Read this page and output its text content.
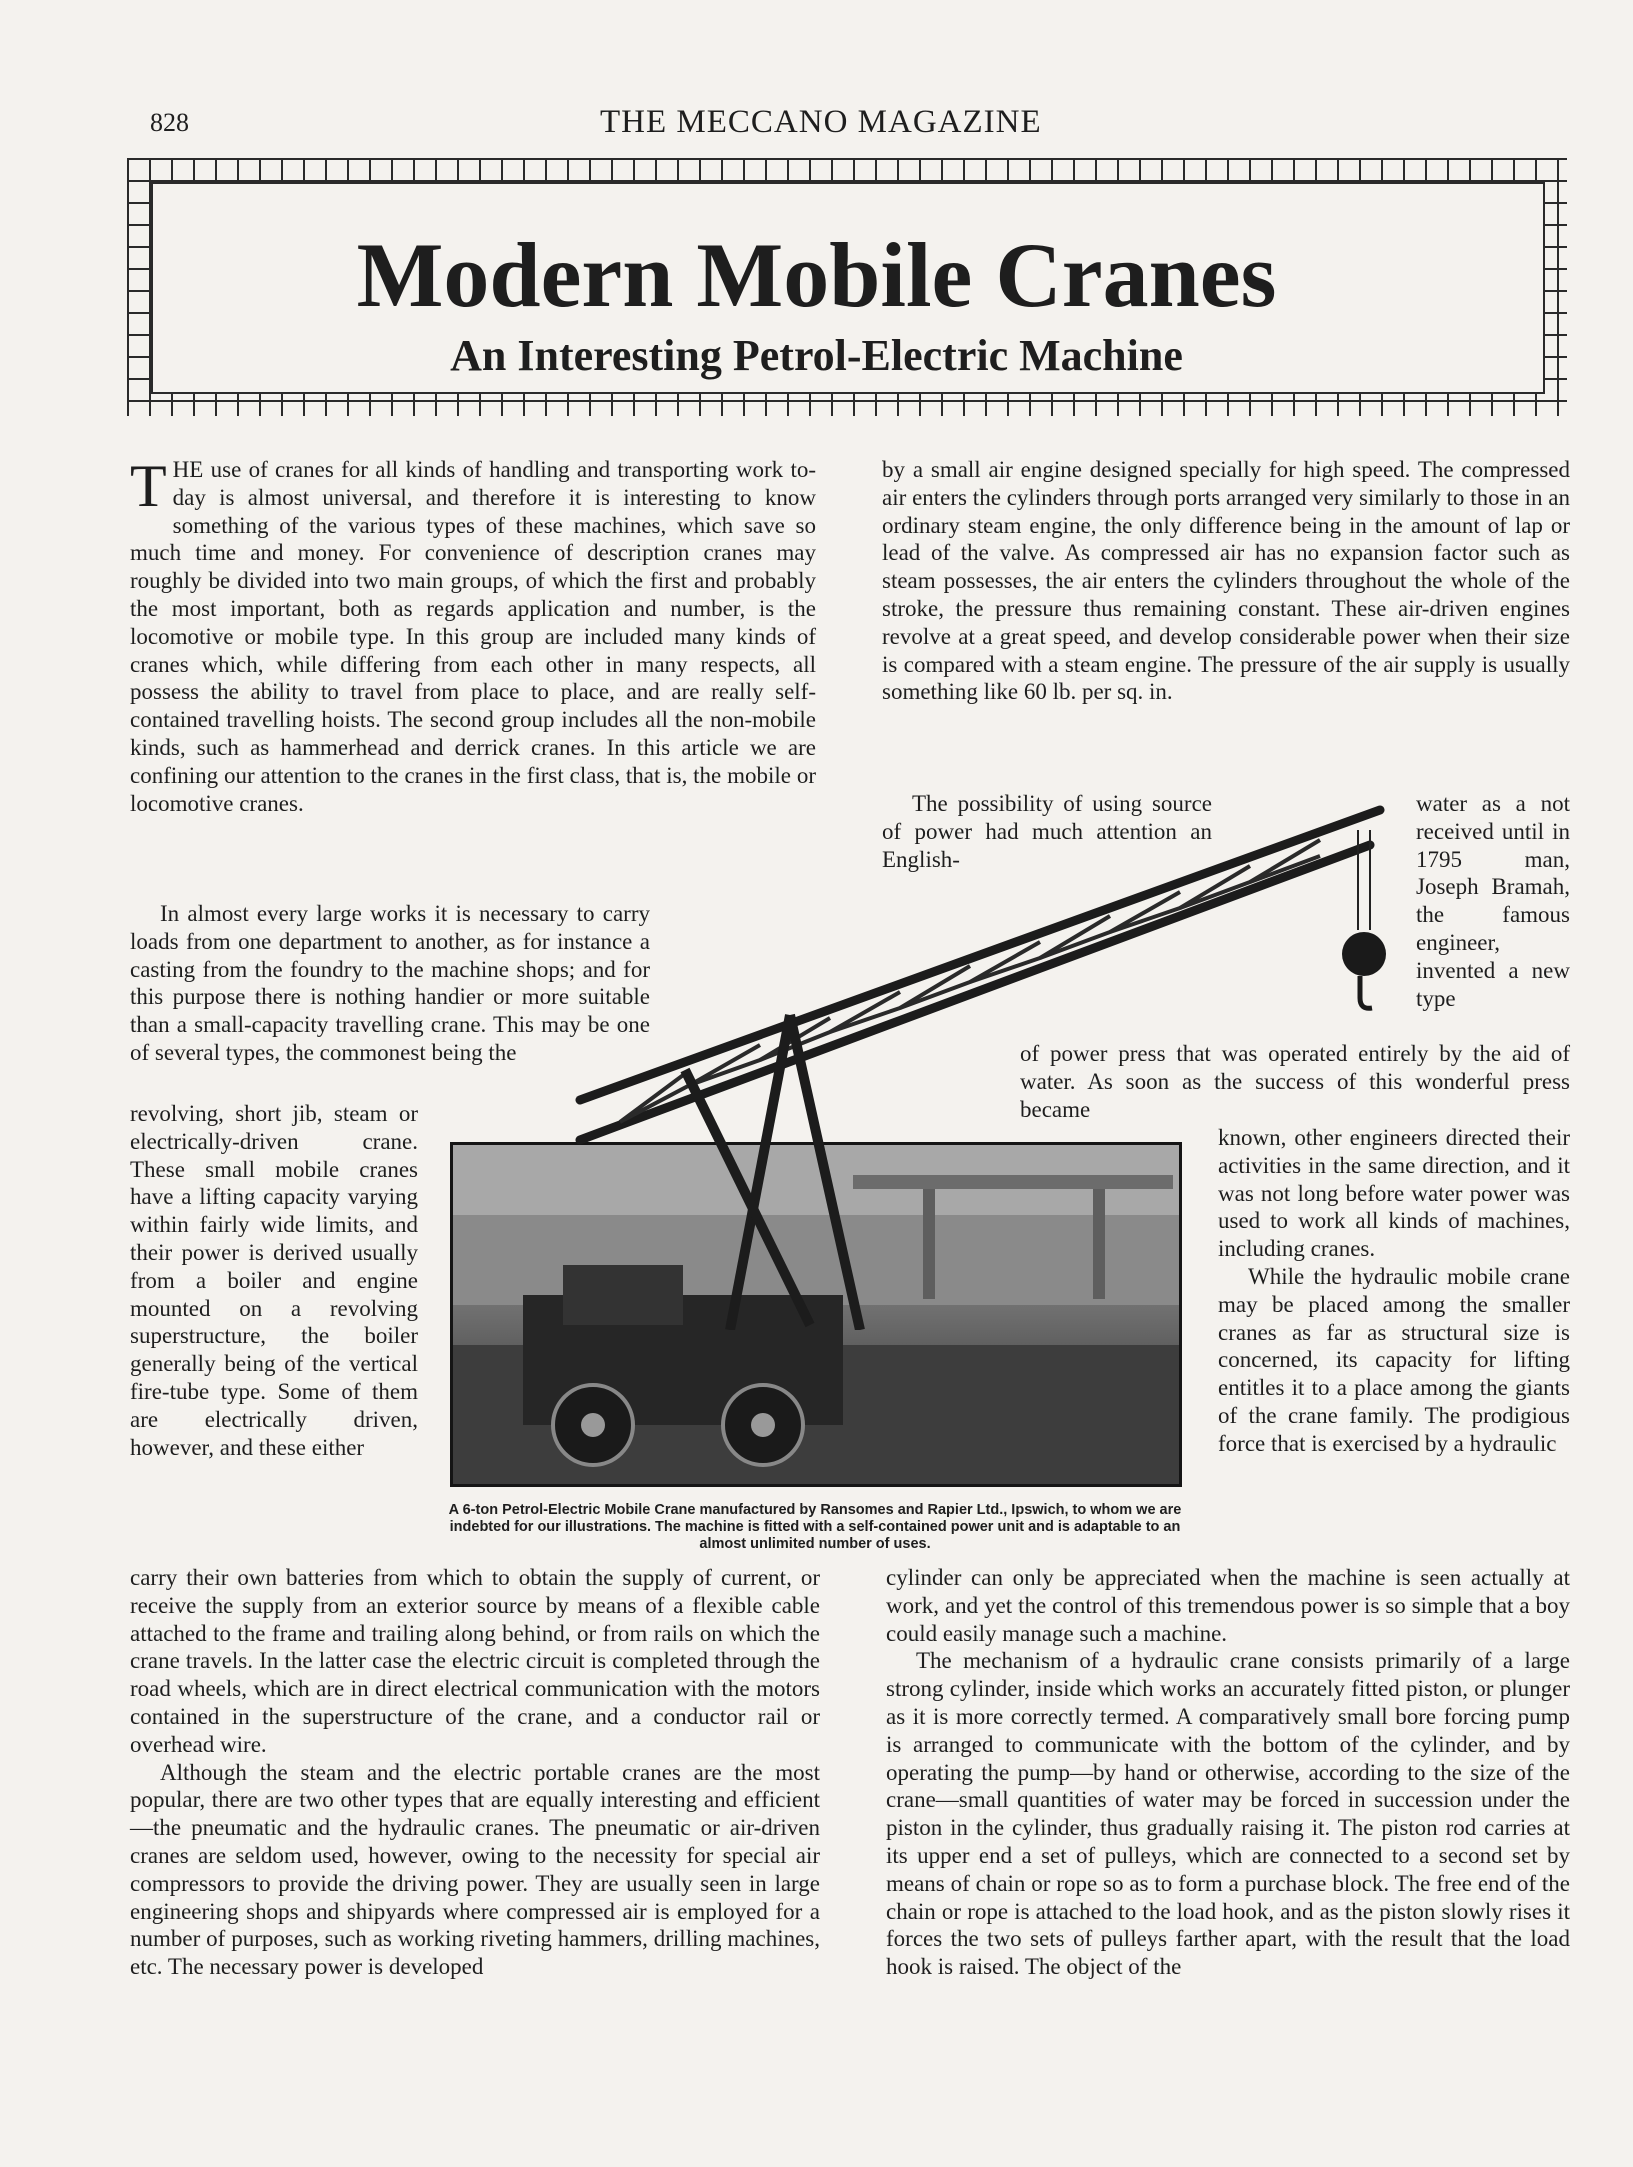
828	THE MECCANO MAGAZINE
Modern Mobile Cranes
An Interesting Petrol-Electric Machine

THE use of cranes for all kinds of handling and transporting work to-day is almost universal, and therefore it is interesting to know something of the various types of these machines, which save so much time and money. For convenience of description cranes may roughly be divided into two main groups, of which the first and probably the most important, both as regards application and number, is the locomotive or mobile type. In this group are included many kinds of cranes which, while differing from each other in many respects, all possess the ability to travel from place to place, and are really self-contained travelling hoists. The second group includes all the non-mobile kinds, such as hammerhead and derrick cranes. In this article we are confining our attention to the cranes in the first class, that is, the mobile or locomotive cranes.

In almost every large works it is necessary to carry loads from one department to another, as for instance a casting from the foundry to the machine shops; and for this purpose there is nothing handier or more suitable than a small-capacity travelling crane. This may be one of several types, the commonest being the

revolving, short jib, steam or electrically-driven crane. These small mobile cranes have a lifting capacity varying within fairly wide limits, and their power is derived usually from a boiler and engine mounted on a revolving superstructure, the boiler generally being of the vertical fire-tube type. Some of them are electrically driven, however, and these either

carry their own batteries from which to obtain the supply of current, or receive the supply from an exterior source by means of a flexible cable attached to the frame and trailing along behind, or from rails on which the crane travels. In the latter case the electric circuit is completed through the road wheels, which are in direct electrical communication with the motors contained in the superstructure of the crane, and a conductor rail or overhead wire.

Although the steam and the electric portable cranes are the most popular, there are two other types that are equally interesting and efficient —the pneumatic and the hydraulic cranes. The pneumatic or air-driven cranes are seldom used, however, owing to the necessity for special air compressors to provide the driving power. They are usually seen in large engineering shops and shipyards where compressed air is employed for a number of purposes, such as working riveting hammers, drilling machines, etc. The necessary power is developed

by a small air engine designed specially for high speed. The compressed air enters the cylinders through ports arranged very similarly to those in an ordinary steam engine, the only difference being in the amount of lap or lead of the valve. As compressed air has no expansion factor such as steam possesses, the air enters the cylinders throughout the whole of the stroke, the pressure thus remaining constant. These air-driven engines revolve at a great speed, and develop considerable power when their size is compared with a steam engine. The pressure of the air supply is usually something like 60 lb. per sq. in.

The possibility of using source of power had much attention an English-

water as a not received until in 1795 man, Joseph Bramah, the famous engineer, invented a new type

of power press that was operated entirely by the aid of water. As soon as the success of this wonderful press became

known, other engineers directed their activities in the same direction, and it was not long before water power was used to work all kinds of machines, including cranes.

While the hydraulic mobile crane may be placed among the smaller cranes as far as structural size is concerned, its capacity for lifting entitles it to a place among the giants of the crane family. The prodigious force that is exercised by a hydraulic

cylinder can only be appreciated when the machine is seen actually at work, and yet the control of this tremendous power is so simple that a boy could easily manage such a machine.

The mechanism of a hydraulic crane consists primarily of a large strong cylinder, inside which works an accurately fitted piston, or plunger as it is more correctly termed. A comparatively small bore forcing pump is arranged to communicate with the bottom of the cylinder, and by operating the pump—by hand or otherwise, according to the size of the crane—small quantities of water may be forced in succession under the piston in the cylinder, thus gradually raising it. The piston rod carries at its upper end a set of pulleys, which are connected to a second set by means of chain or rope so as to form a purchase block. The free end of the chain or rope is attached to the load hook, and as the piston slowly rises it forces the two sets of pulleys farther apart, with the result that the load hook is raised. The object of the

A 6-ton Petrol-Electric Mobile Crane manufactured by Ransomes and Rapier Ltd., Ipswich, to whom we are indebted for our illustrations. The machine is fitted with a self-contained power unit and is adaptable to an almost unlimited number of uses.
